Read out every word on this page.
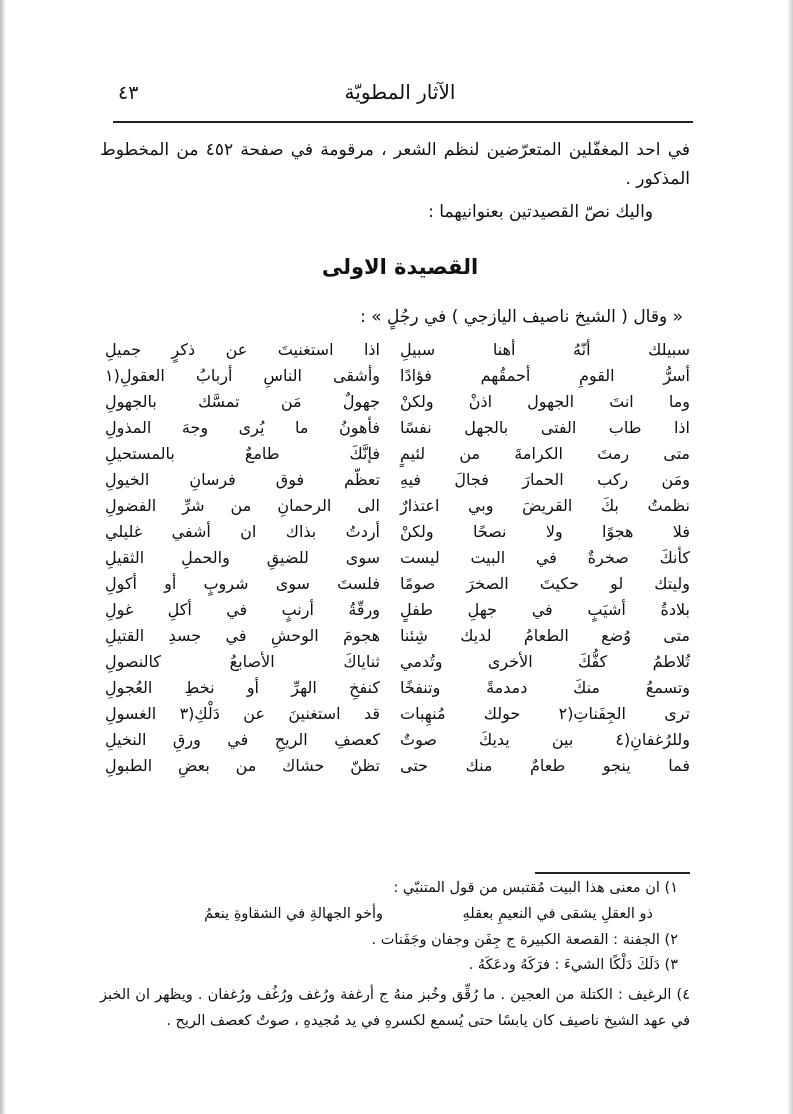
٤٣	الآثار المطويّة
في احد المغفّلين المتعرّضين لنظم الشعر ، مرقومة في صفحة ٤٥٢ من المخطوط
المذكور .
واليك نصّ القصيدتين بعنوانيهما :
القصيدة الاولى
« وقال ( الشيخ ناصيف اليازجي ) في رجُلٍ » :
سبيلك أنّهُ أهنا سبيلِ
اذا استغنيتَ عن ذكرٍ جميلِ
أسرُّ القومِ أحمقُهم فؤادًا
وأشقى الناسِ أربابُ العقولِ(١
وما انتَ الجهول اذنْ ولكنْ
جهولٌ مَن تمسَّك بالجهولِ
اذا طاب الفتى بالجهل نفسًا
فأهونُ ما يُرى وجهَ المذولِ
متى رمتَ الكرامةَ من لئيمٍ
فإنَّكَ طامعٌ بالمستحيلِ
ومَن ركب الحمارَ فجالَ فيهِ
تعظّم فوق فرسانِ الخيولِ
نظمتُ بكَ القريضَ وبي اعتذارٌ
الى الرحمانِ من شرِّ الفضولِ
فلا هجوًا ولا نصحًا ولكنْ
أردتُ بذاك ان أشفي غليلي
كأنكَ صخرةٌ في البيت ليست
سوى للضيقِ والحملِ الثقيلِ
وليتك لو حكيتَ الصخرَ صومًا
فلستَ سوى شروبٍ أو أكولِ
بلادةُ أشيَبٍ في جهلِ طفلٍ
ورقّةُ أرنبٍ في أكلِ غولِ
متى وُضع الطعامُ لديك شِئنا
هجومَ الوحشِ في جسدِ القتيلِ
تُلاطمُ كفُّكَ الأخرى وتُدمي
ثناياكَ الأصابعُ كالنصولِ
وتسمعُ منكَ دمدمةً وتنفخًا
كنفخِ الهرِّ أو نخطِ العُجولِ
ترى الجِفَناتِ(٢ حولك مُنهِبات
قد استغنينَ عن دَلْكِ(٣ الغسولِ
وللرُغفانِ(٤ بين يديكَ صوتٌ
كعصفِ الريحِ في ورقِ النخيلِ
فما ينجو طعامٌ منك حتى
تظنّ حشاك من بعضِ الطبولِ
١) ان معنى هذا البيت مُقتبس من قول المتنبّي :
ذو العقلِ يشقى في النعيمِ بعقلهِ
وأخو الجهالةِ في الشقاوةِ ينعمُ
٢) الجفنة : القصعة الكبيرة ج جِفَن وجفان وجَفَنات .
٣) دَلَكَ دَلْكًا الشيءَ : فرَكَهُ ودعَكَهُ .
٤) الرغيف : الكتلة من العجين . ما رُقِّق وخُبز منهُ ج أرغفة ورُغف ورُغُف ورُغفان . ويظهر ان الخبز في عهد الشيخ ناصيف كان يابسًا حتى يُسمع لكسرهِ في يد مُجيدهِ ، صوتٌ كعصف الريح .
